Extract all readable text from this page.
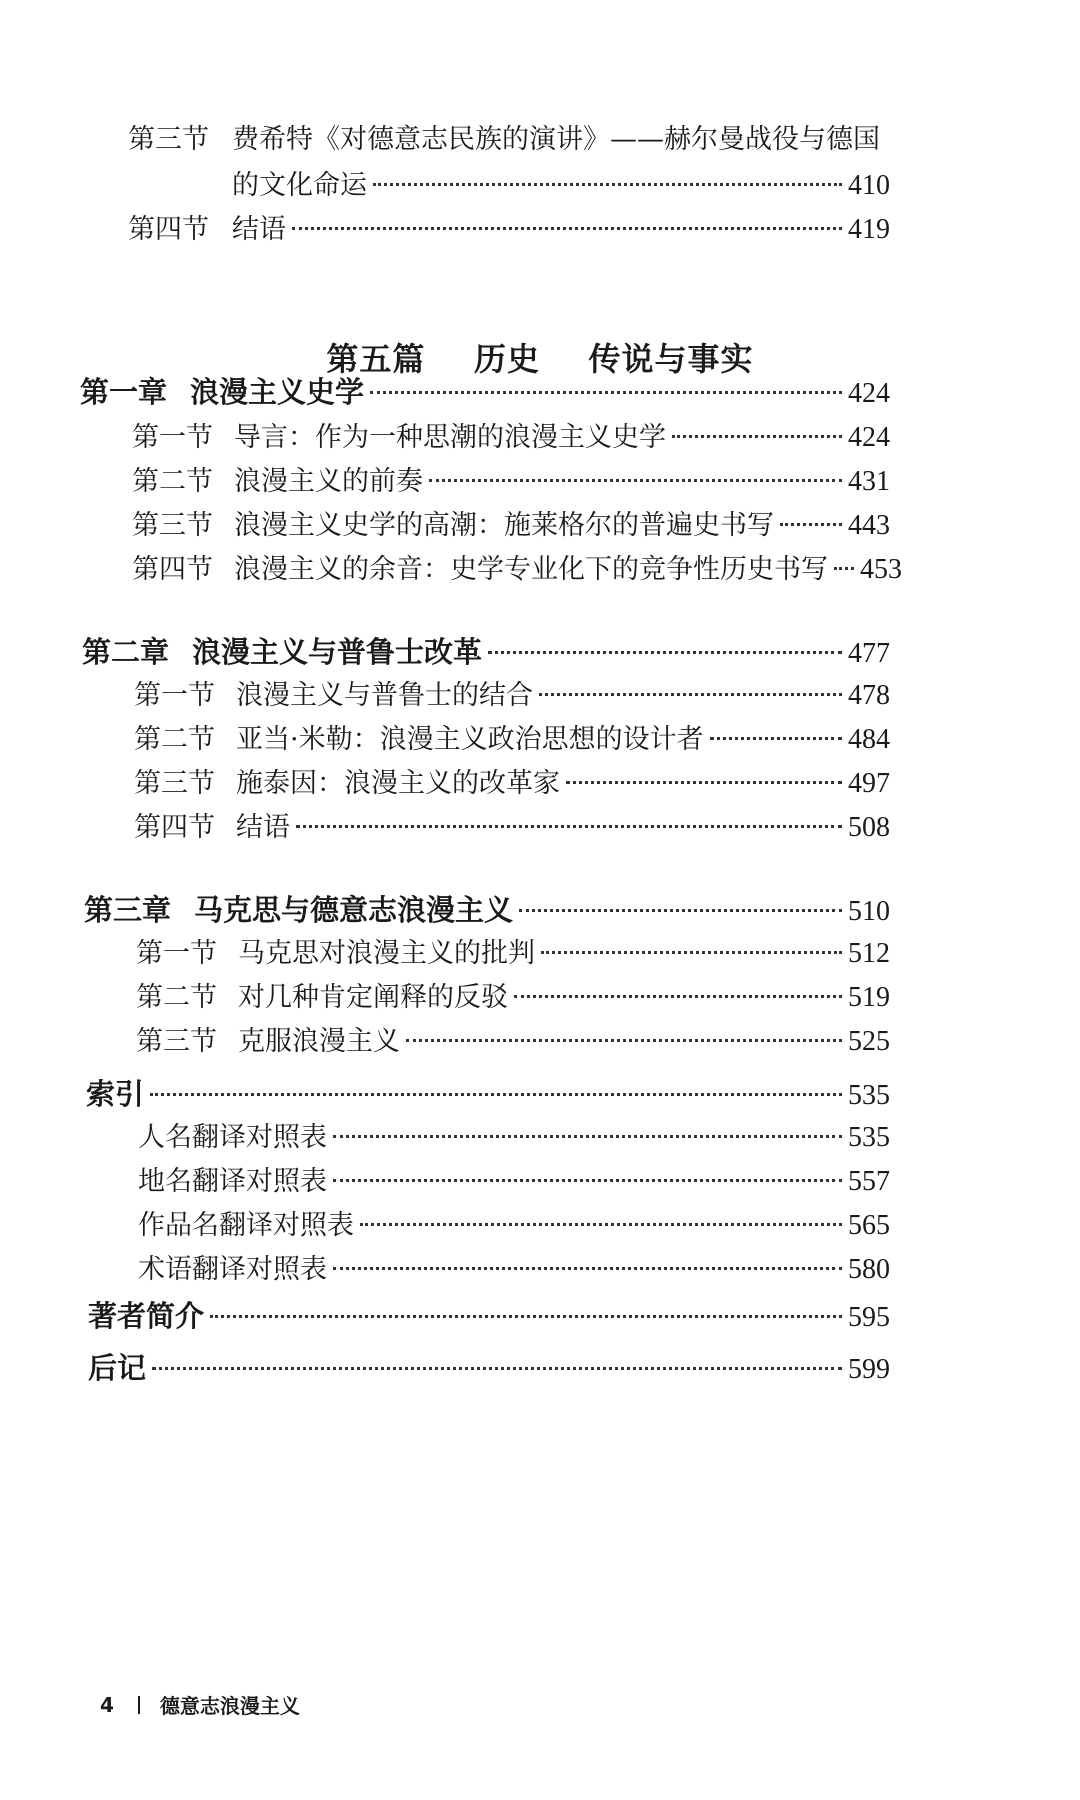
第三节 费希特《对德意志民族的演讲》——赫尔曼战役与德国
的文化命运	410
第四节 结语	419
第五篇    历史    传说与事实
第一章 浪漫主义史学	424
第一节 导言：作为一种思潮的浪漫主义史学	424
第二节 浪漫主义的前奏	431
第三节 浪漫主义史学的高潮：施莱格尔的普遍史书写	443
第四节 浪漫主义的余音：史学专业化下的竞争性历史书写 453
第二章 浪漫主义与普鲁士改革	477
第一节 浪漫主义与普鲁士的结合	478
第二节 亚当·米勒：浪漫主义政治思想的设计者	484
第三节 施泰因：浪漫主义的改革家	497
第四节 结语	508
第三章 马克思与德意志浪漫主义	510
第一节 马克思对浪漫主义的批判	512
第二节 对几种肯定阐释的反驳	519
第三节 克服浪漫主义	525
索引	535
人名翻译对照表	535
地名翻译对照表	557
作品名翻译对照表	565
术语翻译对照表	580
著者简介	595
后记	599
4 德意志浪漫主义
